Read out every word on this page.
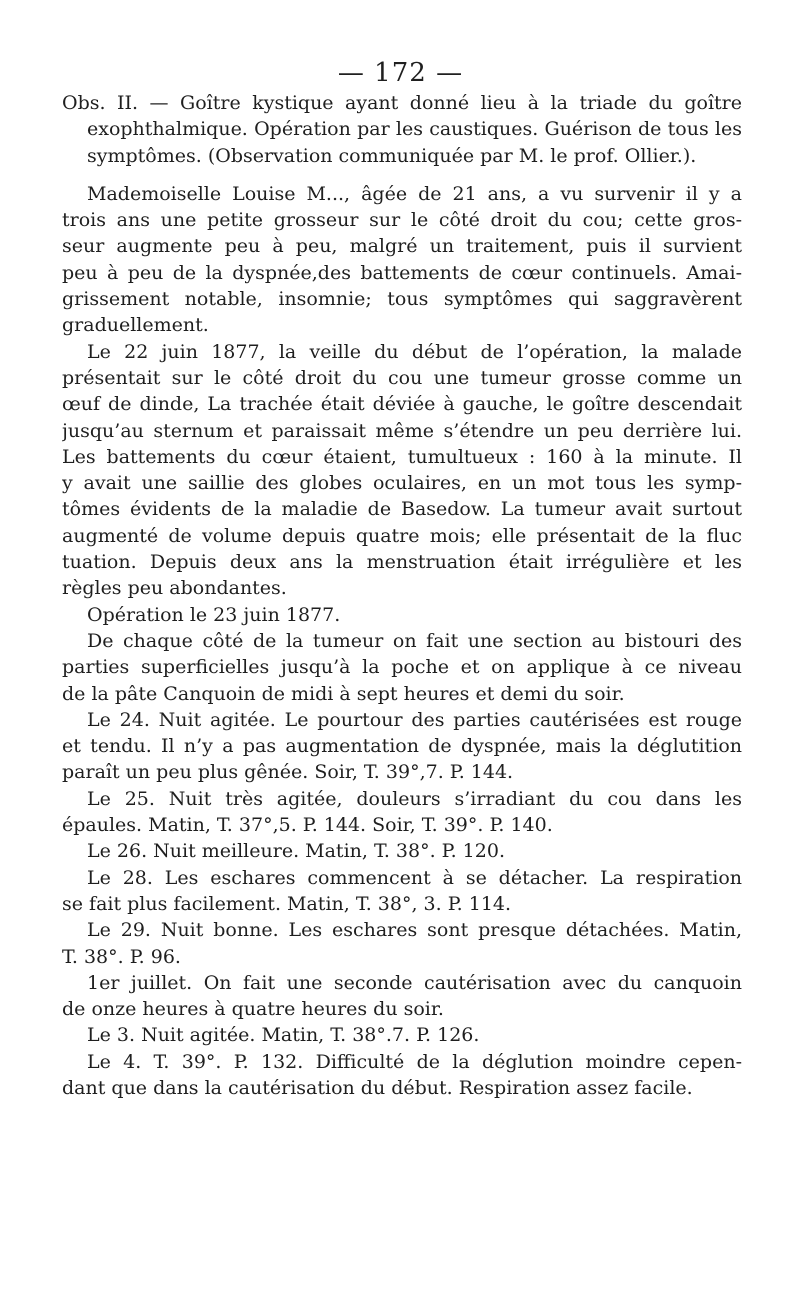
— 172 —
Obs. II. — Goître kystique ayant donné lieu à la triade du goître
exophthalmique. Opération par les caustiques. Guérison de tous les
symptômes. (Observation communiquée par M. le prof. Ollier.).
Mademoiselle Louise M..., âgée de 21 ans, a vu survenir il y a
trois ans une petite grosseur sur le côté droit du cou; cette gros-
seur augmente peu à peu, malgré un traitement, puis il survient
peu à peu de la dyspnée,des battements de cœur continuels. Amai-
grissement notable, insomnie; tous symptômes qui saggravèrent
graduellement.
Le 22 juin 1877, la veille du début de l’opération, la malade
présentait sur le côté droit du cou une tumeur grosse comme un
œuf de dinde, La trachée était déviée à gauche, le goître descendait
jusqu’au sternum et paraissait même s’étendre un peu derrière lui.
Les battements du cœur étaient, tumultueux : 160 à la minute. Il
y avait une saillie des globes oculaires, en un mot tous les symp-
tômes évidents de la maladie de Basedow. La tumeur avait surtout
augmenté de volume depuis quatre mois; elle présentait de la fluc
tuation. Depuis deux ans la menstruation était irrégulière et les
règles peu abondantes.
Opération le 23 juin 1877.
De chaque côté de la tumeur on fait une section au bistouri des
parties superficielles jusqu’à la poche et on applique à ce niveau
de la pâte Canquoin de midi à sept heures et demi du soir.
Le 24. Nuit agitée. Le pourtour des parties cautérisées est rouge
et tendu. Il n’y a pas augmentation de dyspnée, mais la déglutition
paraît un peu plus gênée. Soir, T. 39°,7. P. 144.
Le 25. Nuit très agitée, douleurs s’irradiant du cou dans les
épaules. Matin, T. 37°,5. P. 144. Soir, T. 39°. P. 140.
Le 26. Nuit meilleure. Matin, T. 38°. P. 120.
Le 28. Les eschares commencent à se détacher. La respiration
se fait plus facilement. Matin, T. 38°, 3. P. 114.
Le 29. Nuit bonne. Les eschares sont presque détachées. Matin,
T. 38°. P. 96.
1er juillet. On fait une seconde cautérisation avec du canquoin
de onze heures à quatre heures du soir.
Le 3. Nuit agitée. Matin, T. 38°.7. P. 126.
Le 4. T. 39°. P. 132. Difficulté de la déglution moindre cepen-
dant que dans la cautérisation du début. Respiration assez facile.
